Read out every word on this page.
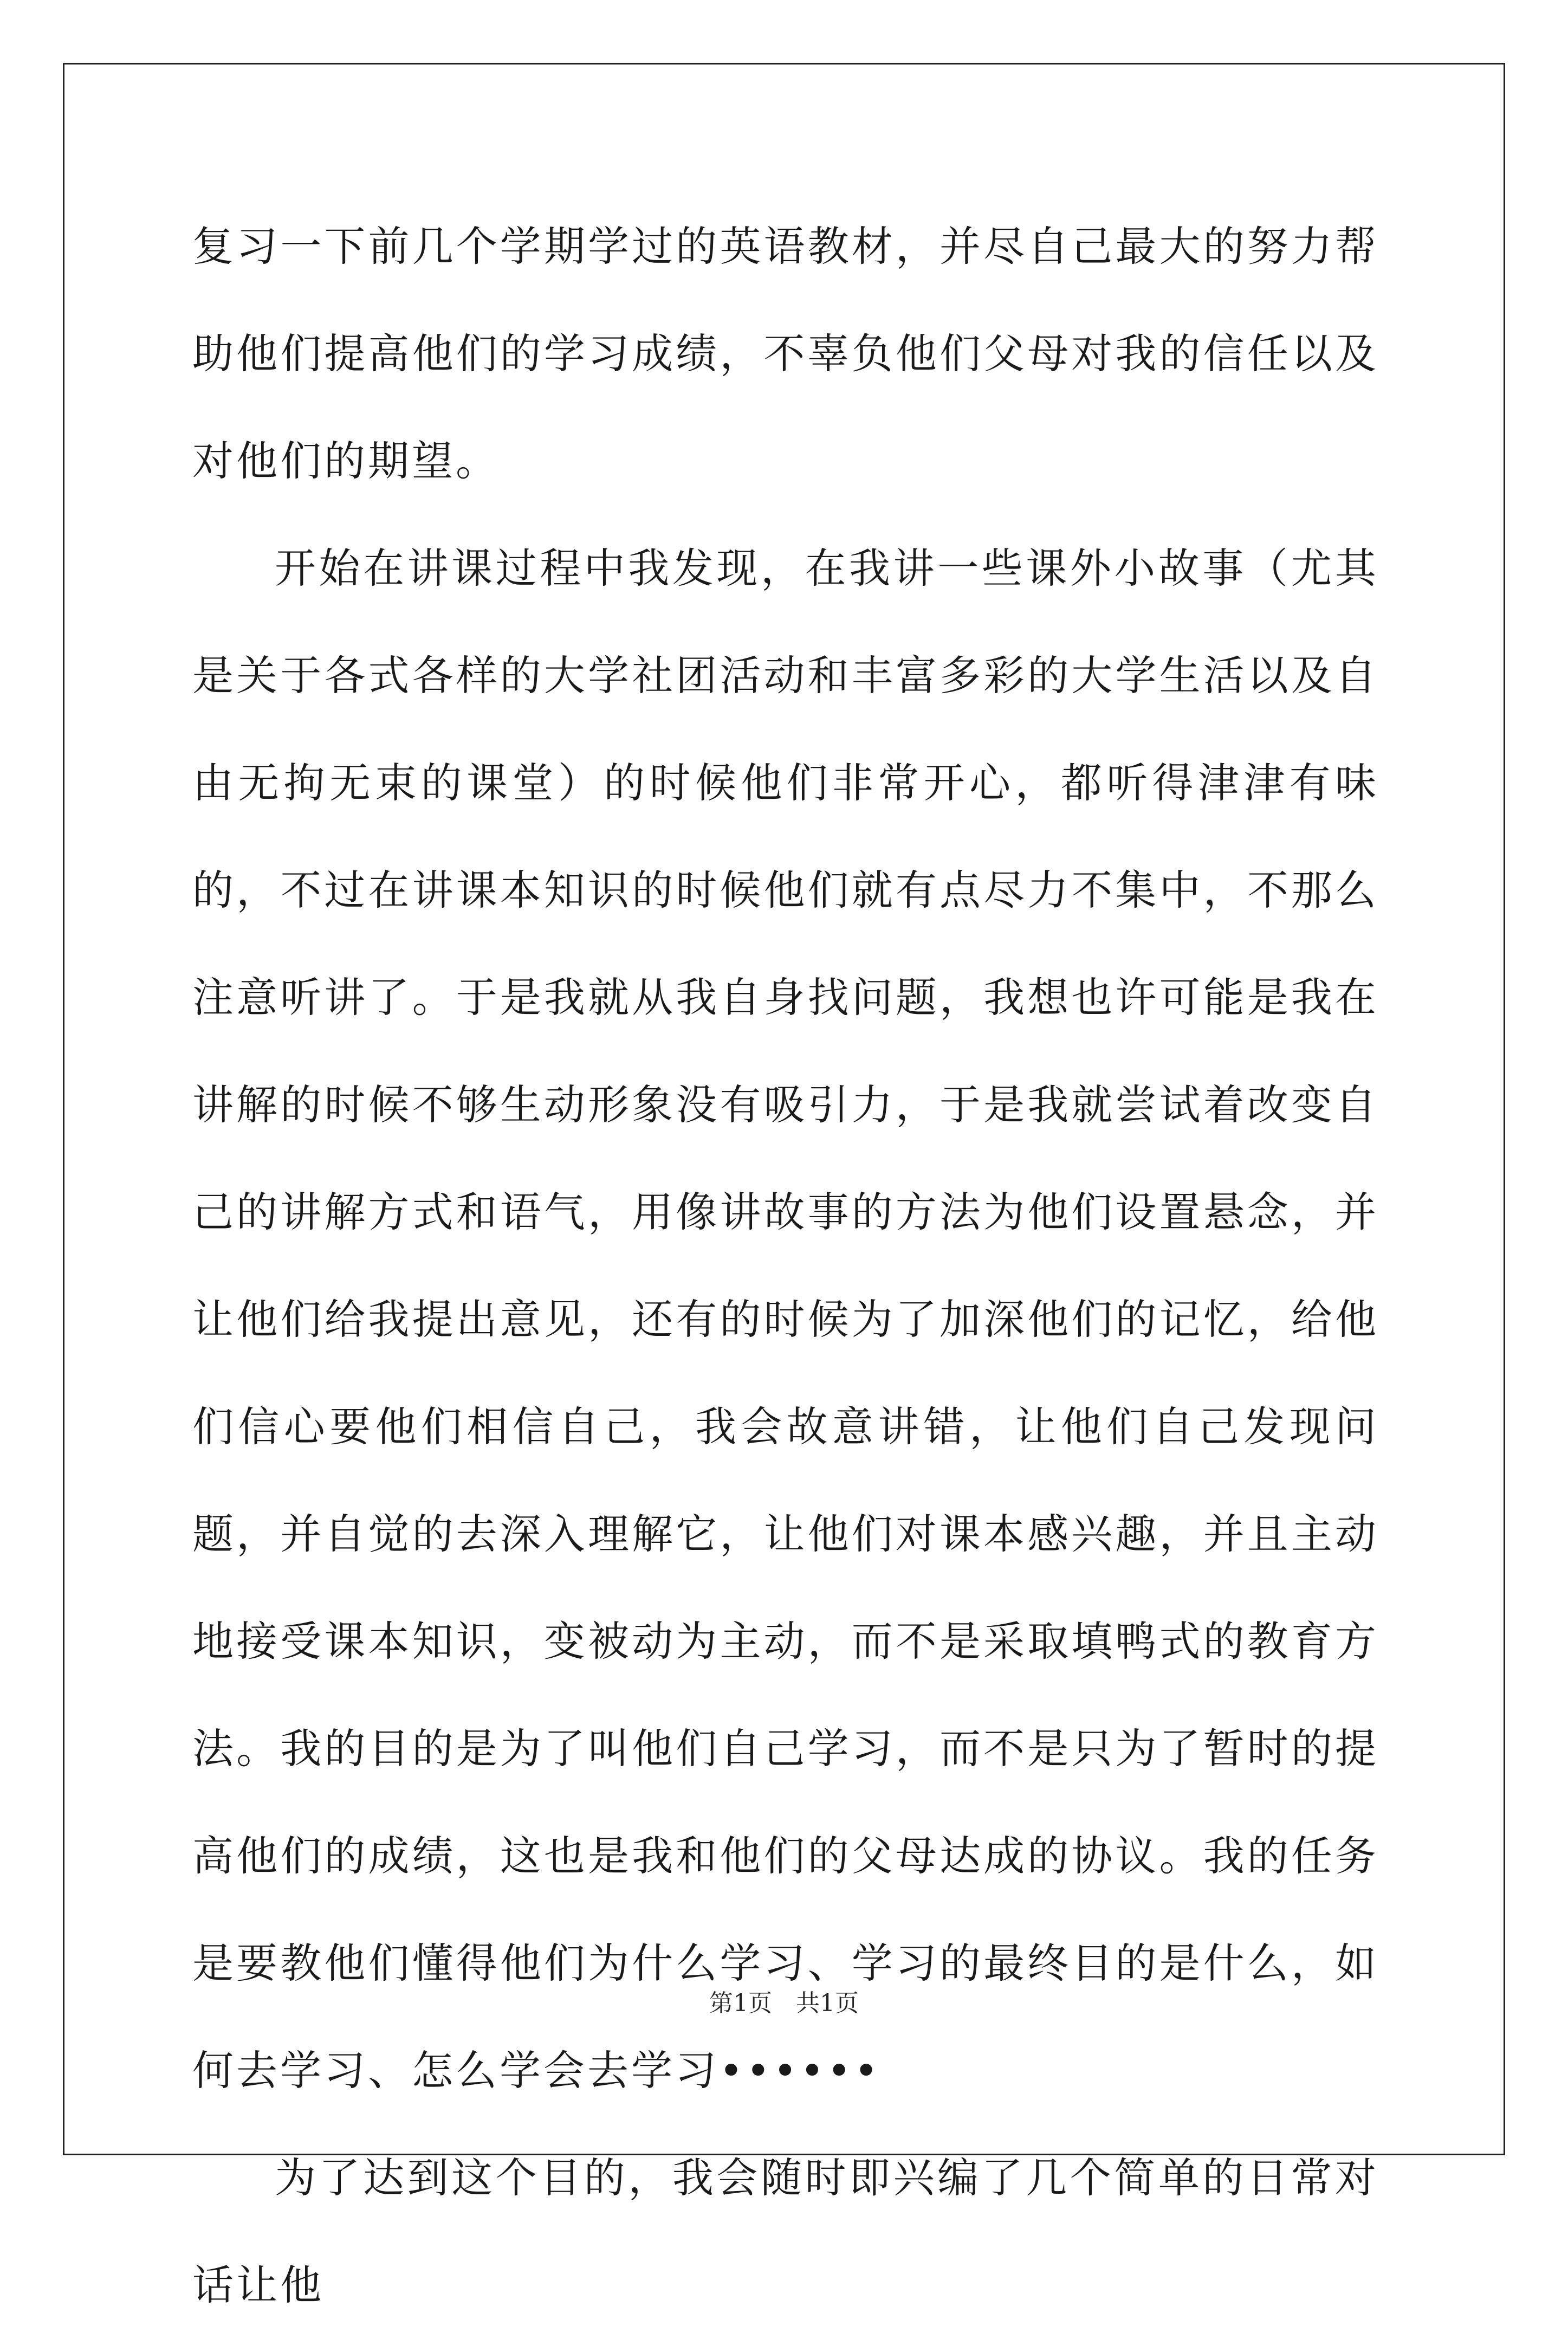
复习一下前几个学期学过的英语教材，并尽自己最大的努力帮助他们提高他们的学习成绩，不辜负他们父母对我的信任以及对他们的期望。

开始在讲课过程中我发现，在我讲一些课外小故事（尤其是关于各式各样的大学社团活动和丰富多彩的大学生活以及自由无拘无束的课堂）的时候他们非常开心，都听得津津有味的，不过在讲课本知识的时候他们就有点尽力不集中，不那么注意听讲了。于是我就从我自身找问题，我想也许可能是我在讲解的时候不够生动形象没有吸引力，于是我就尝试着改变自己的讲解方式和语气，用像讲故事的方法为他们设置悬念，并让他们给我提出意见，还有的时候为了加深他们的记忆，给他们信心要他们相信自己，我会故意讲错，让他们自己发现问题，并自觉的去深入理解它，让他们对课本感兴趣，并且主动地接受课本知识，变被动为主动，而不是采取填鸭式的教育方法。我的目的是为了叫他们自己学习，而不是只为了暂时的提高他们的成绩，这也是我和他们的父母达成的协议。我的任务是要教他们懂得他们为什么学习、学习的最终目的是什么，如何去学习、怎么学会去学习••••••

为了达到这个目的，我会随时即兴编了几个简单的日常对话让他

第1页　共1页
